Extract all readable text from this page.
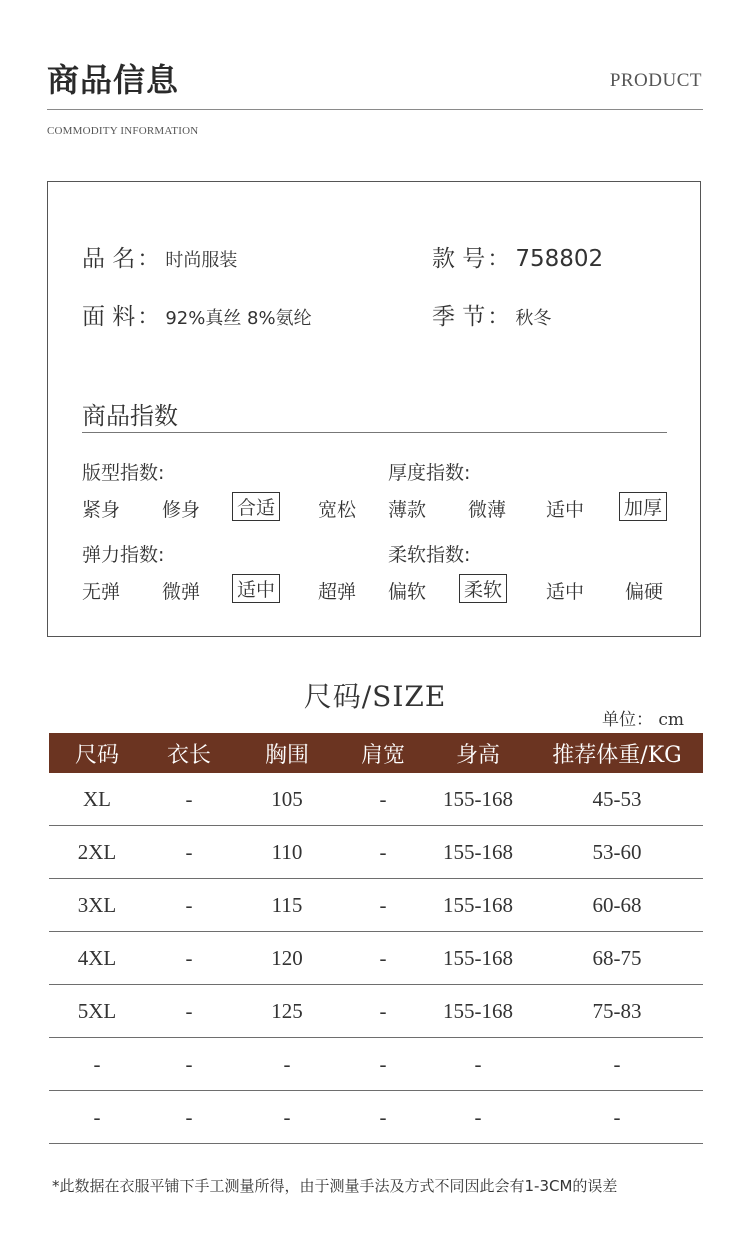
商品信息	PRODUCT
COMMODITY INFORMATION
品 名 ： 时尚服装	款 号 ： 758802
面 料 ： 92%真丝 8%氨纶	季 节 ： 秋冬
商品指数
版型指数:
紧身 修身 合适 宽松
厚度指数:
薄款 微薄 适中 加厚
弹力指数:
无弹 微弹 适中 超弹
柔软指数:
偏软 柔软 适中 偏硬
尺码/SIZE
单位： cm
尺码	衣长	胸围	肩宽	身高	推荐体重/KG
XL	-	105	-	155-168	45-53
2XL	-	110	-	155-168	53-60
3XL	-	115	-	155-168	60-68
4XL	-	120	-	155-168	68-75
5XL	-	125	-	155-168	75-83
-	-	-	-	-	-
-	-	-	-	-	-
*此数据在衣服平铺下手工测量所得，由于测量手法及方式不同因此会有1-3CM的误差
